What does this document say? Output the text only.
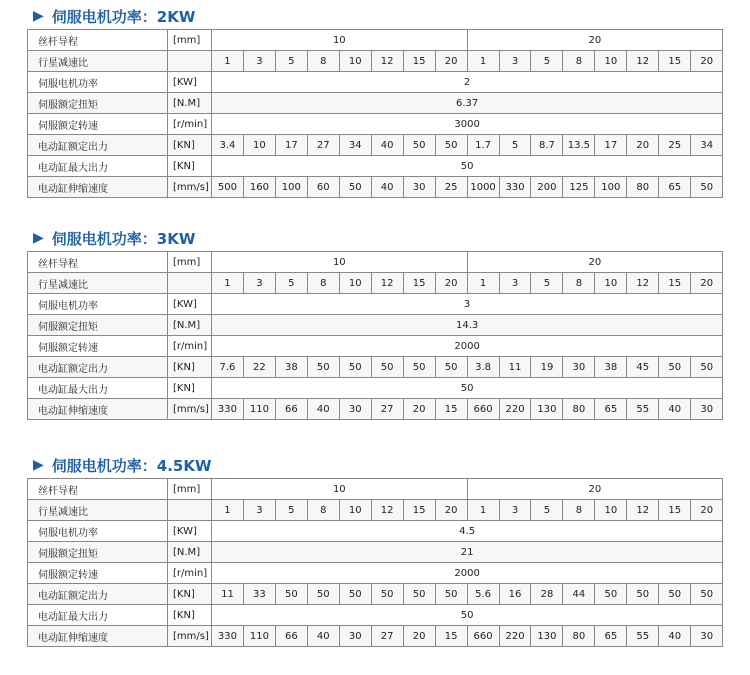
▶ 伺服电机功率：2KW
丝杆导程	[mm]	10								20							
行星减速比		1	3	5	8	10	12	15	20	1	3	5	8	10	12	15	20
伺服电机功率	[KW]	2															
伺服额定扭矩	[N.M]	6.37															
伺服额定转速	[r/min]	3000															
电动缸额定出力	[KN]	3.4	10	17	27	34	40	50	50	1.7	5	8.7	13.5	17	20	25	34
电动缸最大出力	[KN]	50															
电动缸伸缩速度	[mm/s]	500	160	100	60	50	40	30	25	1000	330	200	125	100	80	65	50
▶ 伺服电机功率：3KW
丝杆导程	[mm]	10								20							
行星减速比		1	3	5	8	10	12	15	20	1	3	5	8	10	12	15	20
伺服电机功率	[KW]	3															
伺服额定扭矩	[N.M]	14.3															
伺服额定转速	[r/min]	2000															
电动缸额定出力	[KN]	7.6	22	38	50	50	50	50	50	3.8	11	19	30	38	45	50	50
电动缸最大出力	[KN]	50															
电动缸伸缩速度	[mm/s]	330	110	66	40	30	27	20	15	660	220	130	80	65	55	40	30
▶ 伺服电机功率：4.5KW
丝杆导程	[mm]	10								20							
行星减速比		1	3	5	8	10	12	15	20	1	3	5	8	10	12	15	20
伺服电机功率	[KW]	4.5															
伺服额定扭矩	[N.M]	21															
伺服额定转速	[r/min]	2000															
电动缸额定出力	[KN]	11	33	50	50	50	50	50	50	5.6	16	28	44	50	50	50	50
电动缸最大出力	[KN]	50															
电动缸伸缩速度	[mm/s]	330	110	66	40	30	27	20	15	660	220	130	80	65	55	40	30
